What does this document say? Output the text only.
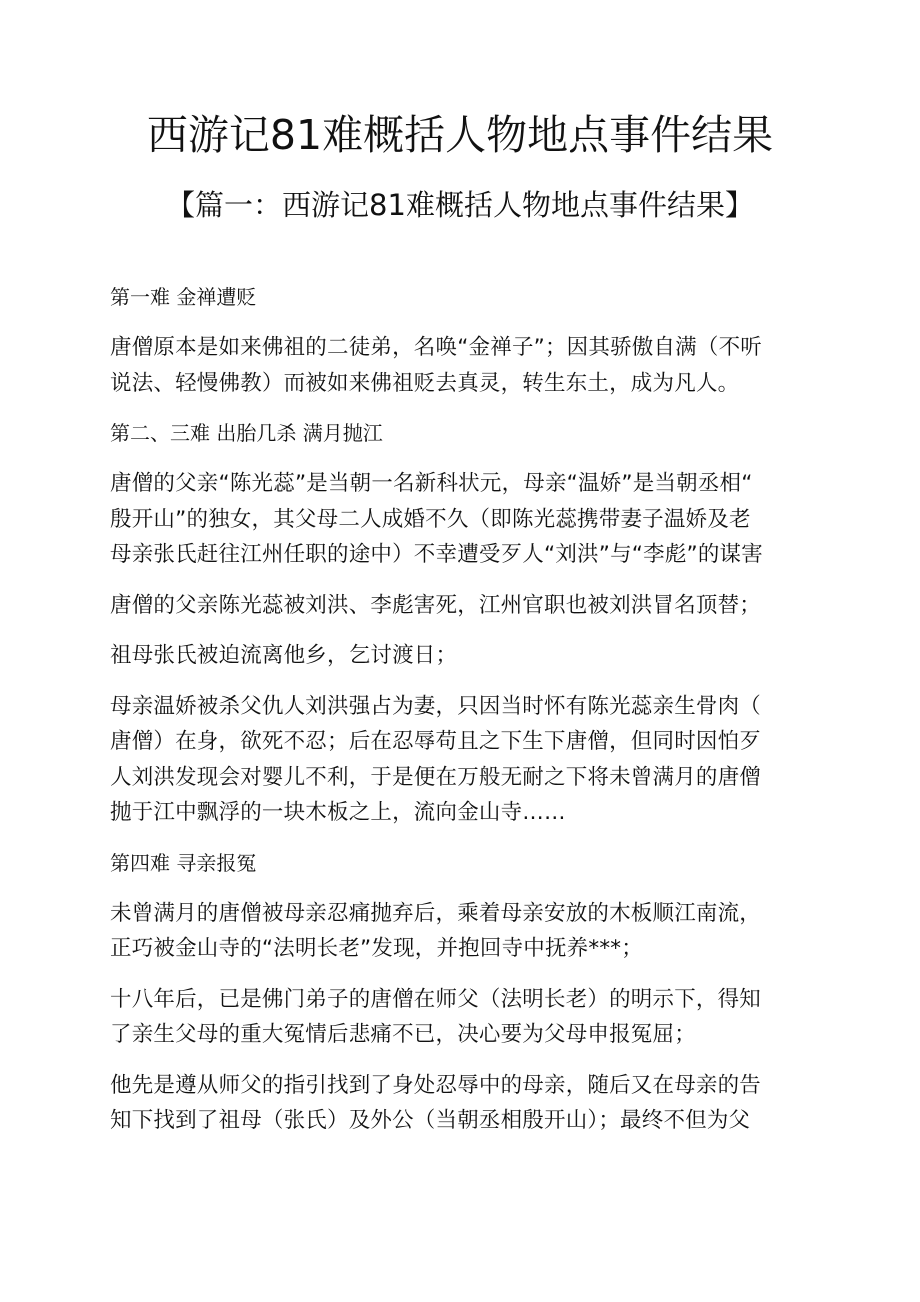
西游记81难概括人物地点事件结果
【篇一：西游记81难概括人物地点事件结果】
第一难 金禅遭贬
唐僧原本是如来佛祖的二徒弟，名唤“金禅子”；因其骄傲自满（不听
说法、轻慢佛教）而被如来佛祖贬去真灵，转生东土，成为凡人。
第二、三难 出胎几杀 满月抛江
唐僧的父亲“陈光蕊”是当朝一名新科状元，母亲“温娇”是当朝丞相“
殷开山”的独女，其父母二人成婚不久（即陈光蕊携带妻子温娇及老
母亲张氏赶往江州任职的途中）不幸遭受歹人“刘洪”与“李彪”的谋害
唐僧的父亲陈光蕊被刘洪、李彪害死，江州官职也被刘洪冒名顶替；
祖母张氏被迫流离他乡，乞讨渡日；
母亲温娇被杀父仇人刘洪强占为妻，只因当时怀有陈光蕊亲生骨肉（
唐僧）在身，欲死不忍；后在忍辱苟且之下生下唐僧，但同时因怕歹
人刘洪发现会对婴儿不利，于是便在万般无耐之下将未曾满月的唐僧
抛于江中飘浮的一块木板之上，流向金山寺……
第四难 寻亲报冤
未曾满月的唐僧被母亲忍痛抛弃后，乘着母亲安放的木板顺江南流，
正巧被金山寺的“法明长老”发现，并抱回寺中抚养***；
十八年后，已是佛门弟子的唐僧在师父（法明长老）的明示下，得知
了亲生父母的重大冤情后悲痛不已，决心要为父母申报冤屈；
他先是遵从师父的指引找到了身处忍辱中的母亲，随后又在母亲的告
知下找到了祖母（张氏）及外公（当朝丞相殷开山）；最终不但为父
